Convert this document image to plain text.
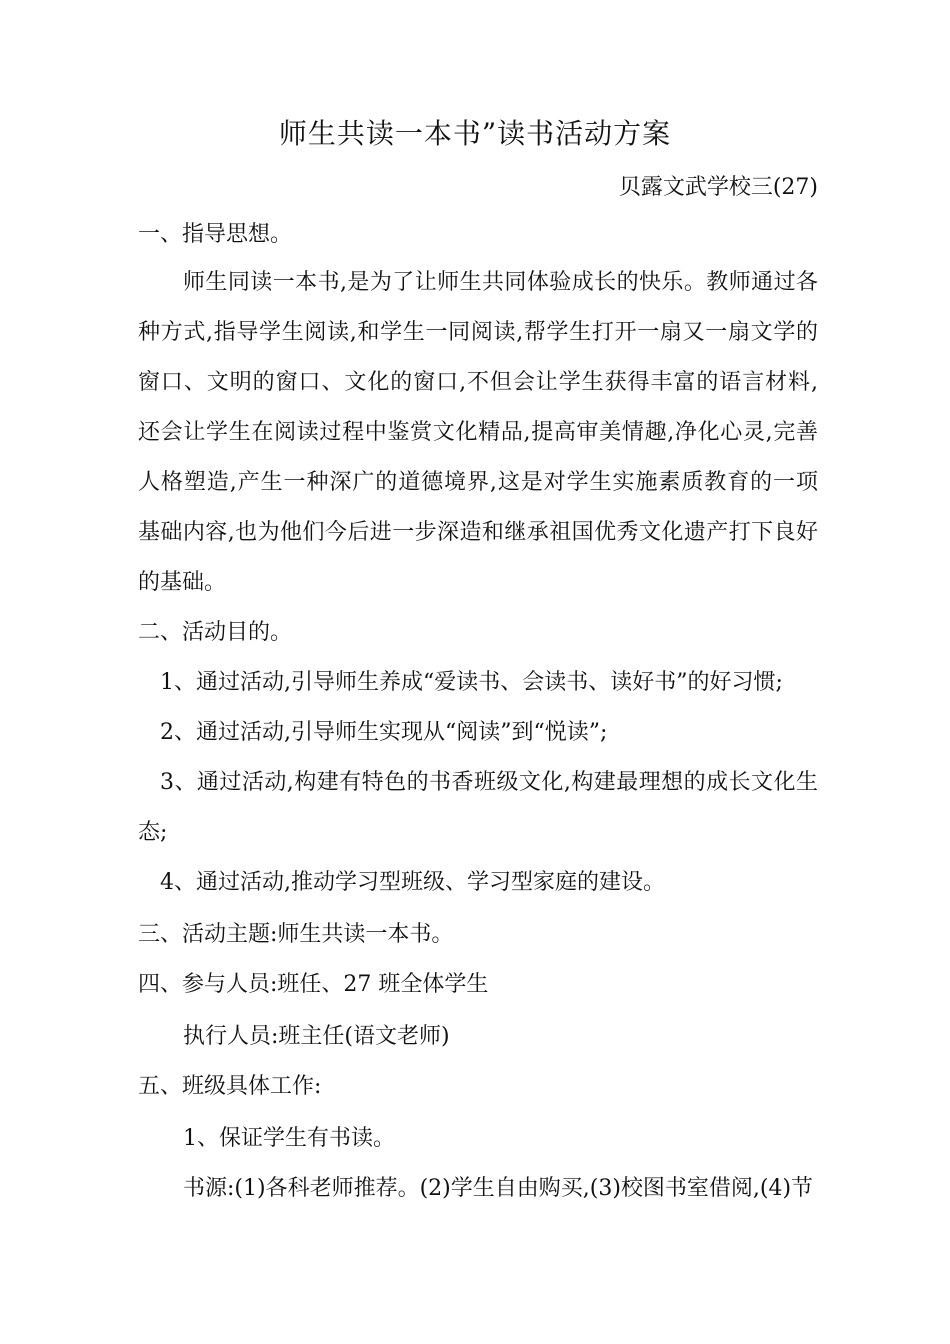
师生共读一本书”读书活动方案
贝露文武学校三(27)
一、指导思想。
师生同读一本书,是为了让师生共同体验成长的快乐。教师通过各
种方式,指导学生阅读,和学生一同阅读,帮学生打开一扇又一扇文学的
窗口、文明的窗口、文化的窗口,不但会让学生获得丰富的语言材料,
还会让学生在阅读过程中鉴赏文化精品,提高审美情趣,净化心灵,完善
人格塑造,产生一种深广的道德境界,这是对学生实施素质教育的一项
基础内容,也为他们今后进一步深造和继承祖国优秀文化遗产打下良好
的基础。
二、活动目的。
1、通过活动,引导师生养成“爱读书、会读书、读好书”的好习惯;
2、通过活动,引导师生实现从“阅读”到“悦读”;
3、通过活动,构建有特色的书香班级文化,构建最理想的成长文化生
态;
4、通过活动,推动学习型班级、学习型家庭的建设。
三、活动主题:师生共读一本书。
四、参与人员:班任、27 班全体学生
执行人员:班主任(语文老师)
五、班级具体工作:
1、保证学生有书读。
书源:(1)各科老师推荐。(2)学生自由购买,(3)校图书室借阅,(4)节
